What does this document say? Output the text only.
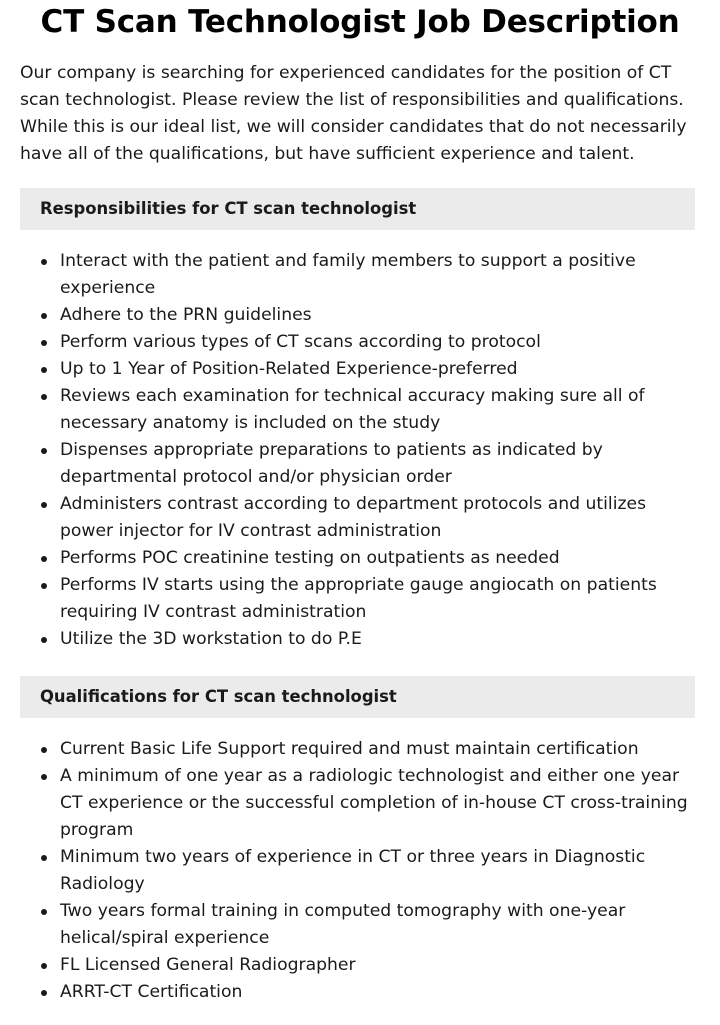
CT Scan Technologist Job Description

Our company is searching for experienced candidates for the position of CT scan technologist. Please review the list of responsibilities and qualifications. While this is our ideal list, we will consider candidates that do not necessarily have all of the qualifications, but have sufficient experience and talent.

Responsibilities for CT scan technologist
Interact with the patient and family members to support a positive experience
Adhere to the PRN guidelines
Perform various types of CT scans according to protocol
Up to 1 Year of Position-Related Experience-preferred
Reviews each examination for technical accuracy making sure all of necessary anatomy is included on the study
Dispenses appropriate preparations to patients as indicated by departmental protocol and/or physician order
Administers contrast according to department protocols and utilizes power injector for IV contrast administration
Performs POC creatinine testing on outpatients as needed
Performs IV starts using the appropriate gauge angiocath on patients requiring IV contrast administration
Utilize the 3D workstation to do P.E
Qualifications for CT scan technologist
Current Basic Life Support required and must maintain certification
A minimum of one year as a radiologic technologist and either one year CT experience or the successful completion of in-house CT cross-training program
Minimum two years of experience in CT or three years in Diagnostic Radiology
Two years formal training in computed tomography with one-year helical/spiral experience
FL Licensed General Radiographer
ARRT-CT Certification
